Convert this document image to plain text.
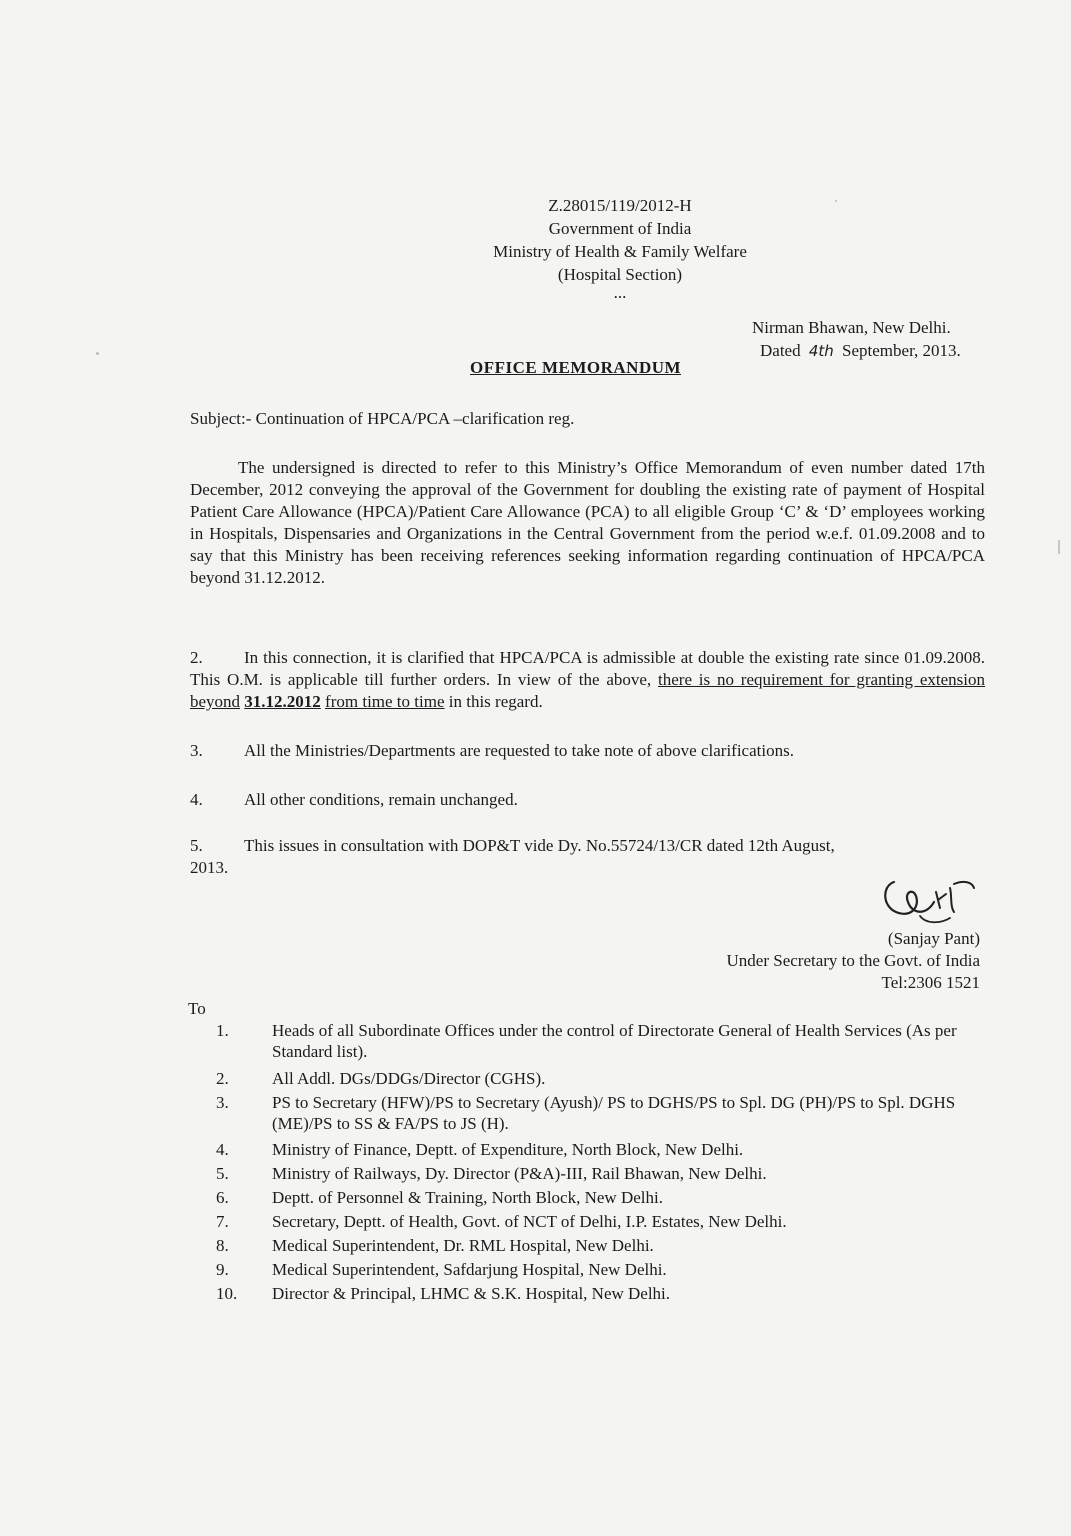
Z.28015/119/2012-H
Government of India
Ministry of Health & Family Welfare
(Hospital Section)
...
Nirman Bhawan, New Delhi.
Dated 4th September, 2013.
OFFICE MEMORANDUM
Subject:- Continuation of HPCA/PCA –clarification reg.
The undersigned is directed to refer to this Ministry’s Office Memorandum of even number dated 17th December, 2012 conveying the approval of the Government for doubling the existing rate of payment of Hospital Patient Care Allowance (HPCA)/Patient Care Allowance (PCA) to all eligible Group ‘C’ & ‘D’ employees working in Hospitals, Dispensaries and Organizations in the Central Government from the period w.e.f. 01.09.2008 and to say that this Ministry has been receiving references seeking information regarding continuation of HPCA/PCA beyond 31.12.2012.
2. In this connection, it is clarified that HPCA/PCA is admissible at double the existing rate since 01.09.2008. This O.M. is applicable till further orders. In view of the above, there is no requirement for granting extension beyond 31.12.2012 from time to time in this regard.
3. All the Ministries/Departments are requested to take note of above clarifications.
4. All other conditions, remain unchanged.
5. This issues in consultation with DOP&T vide Dy. No.55724/13/CR dated 12th August,
2013.
(Sanjay Pant)
Under Secretary to the Govt. of India
Tel:2306 1521
To
1.	Heads of all Subordinate Offices under the control of Directorate General of Health Services (As per Standard list).
2.	All Addl. DGs/DDGs/Director (CGHS).
3.	PS to Secretary (HFW)/PS to Secretary (Ayush)/ PS to DGHS/PS to Spl. DG (PH)/PS to Spl. DGHS (ME)/PS to SS & FA/PS to JS (H).
4.	Ministry of Finance, Deptt. of Expenditure, North Block, New Delhi.
5.	Ministry of Railways, Dy. Director (P&A)-III, Rail Bhawan, New Delhi.
6.	Deptt. of Personnel & Training, North Block, New Delhi.
7.	Secretary, Deptt. of Health, Govt. of NCT of Delhi, I.P. Estates, New Delhi.
8.	Medical Superintendent, Dr. RML Hospital, New Delhi.
9.	Medical Superintendent, Safdarjung Hospital, New Delhi.
10. Director & Principal, LHMC & S.K. Hospital, New Delhi.
